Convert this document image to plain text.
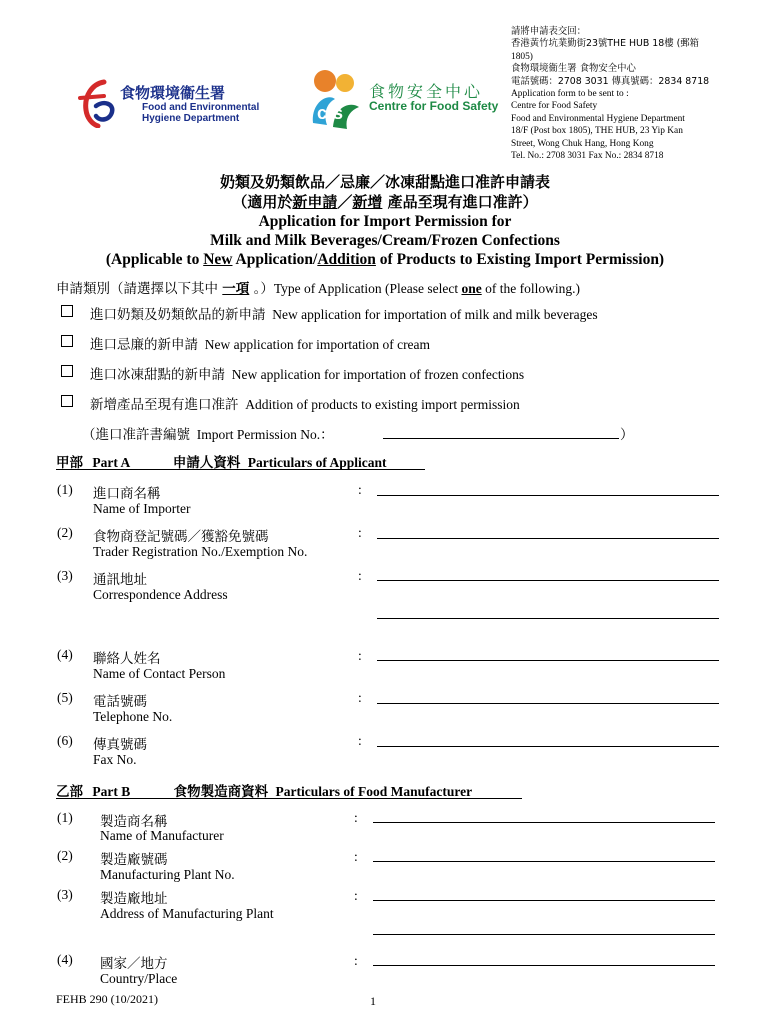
食物環境衞生署
Food and Environmental
Hygiene Department	cfs
食物安全中心
Centre for Food Safety
請將申請表交回：
香港黃竹坑業勤街23號THE HUB 18樓 (郵箱
1805)
食物環境衞生署 食物安全中心
電話號碼：2708 3031 傳真號碼：2834 8718
Application form to be sent to :
Centre for Food Safety
Food and Environmental Hygiene Department
18/F (Post box 1805), THE HUB, 23 Yip Kan
Street, Wong Chuk Hang, Hong Kong
Tel. No.: 2708 3031 Fax No.: 2834 8718
奶類及奶類飲品／忌廉／冰凍甜點進口准許申請表
（適用於新申請／新增 產品至現有進口准許）
Application for Import Permission for
Milk and Milk Beverages/Cream/Frozen Confections
(Applicable to New Application/Addition of Products to Existing Import Permission)
申請類別（請選擇以下其中 一項 。）Type of Application (Please select one of the following.)
進口奶類及奶類飲品的新申請 New application for importation of milk and milk beverages
進口忌廉的新申請 New application for importation of cream
進口冰凍甜點的新申請 New application for importation of frozen confections
新增產品至現有進口准許 Addition of products to existing import permission
（進口准許書編號 Import Permission No.：	）
甲部 Part A	申請人資料 Particulars of Applicant
(1) 進口商名稱
Name of Importer
:
(2) 食物商登記號碼／獲豁免號碼
Trader Registration No./Exemption No.
:
(3) 通訊地址
Correspondence Address
:
(4) 聯絡人姓名
Name of Contact Person
:
(5) 電話號碼
Telephone No.
:
(6) 傳真號碼
Fax No.
:
乙部 Part B	食物製造商資料 Particulars of Food Manufacturer
(1) 製造商名稱
Name of Manufacturer
:
(2) 製造廠號碼
Manufacturing Plant No.
:
(3) 製造廠地址
Address of Manufacturing Plant
:
(4) 國家／地方
Country/Place
:
FEHB 290 (10/2021)	1
